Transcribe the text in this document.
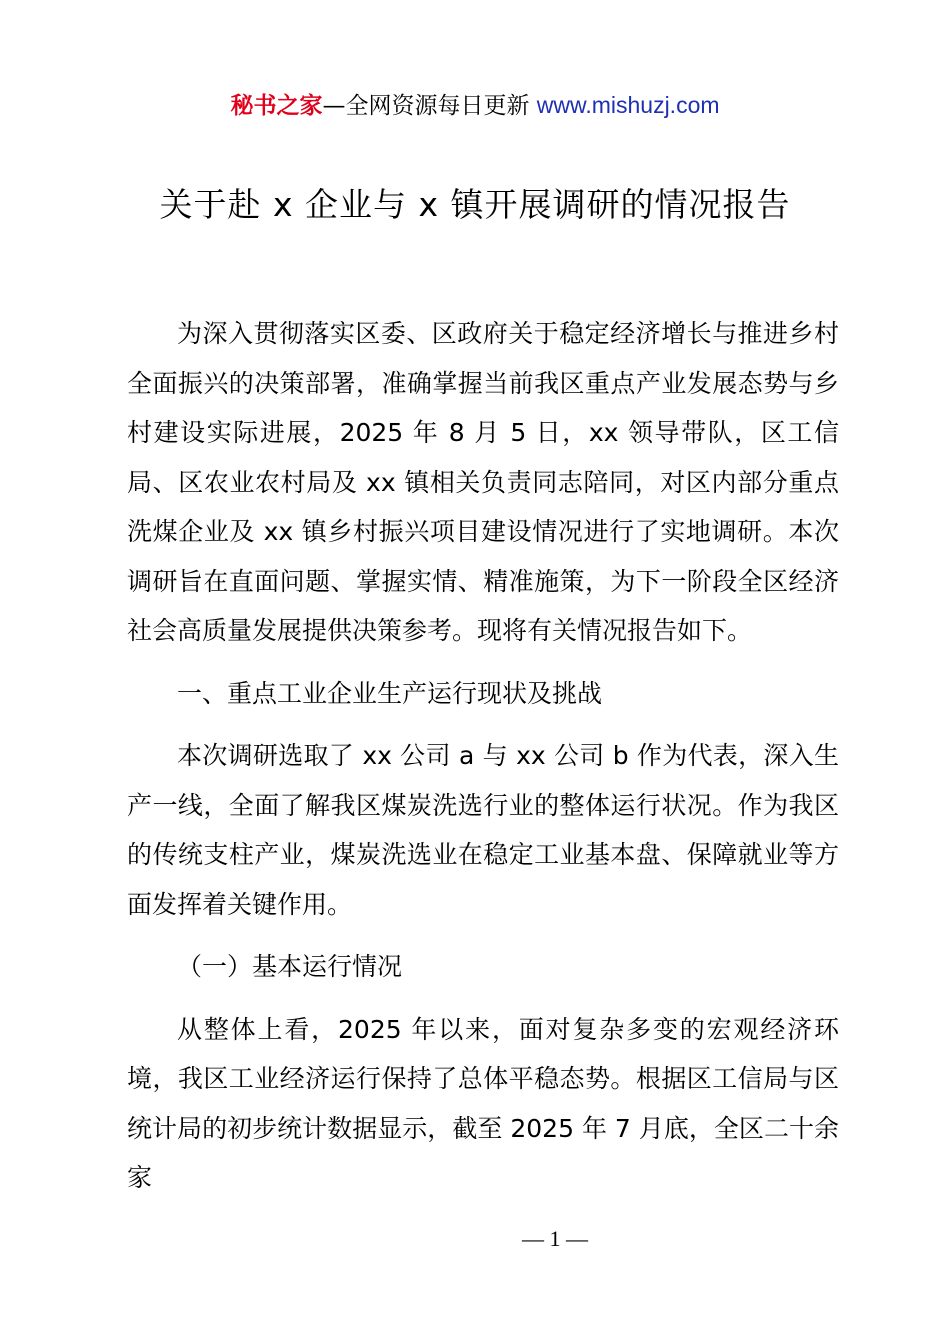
秘书之家—全网资源每日更新 www.mishuzj.com
关于赴 x 企业与 x 镇开展调研的情况报告

为深入贯彻落实区委、区政府关于稳定经济增长与推进乡村全面振兴的决策部署，准确掌握当前我区重点产业发展态势与乡村建设实际进展，2025 年 8 月 5 日，xx 领导带队，区工信局、区农业农村局及 xx 镇相关负责同志陪同，对区内部分重点洗煤企业及 xx 镇乡村振兴项目建设情况进行了实地调研。本次调研旨在直面问题、掌握实情、精准施策，为下一阶段全区经济社会高质量发展提供决策参考。现将有关情况报告如下。

一、重点工业企业生产运行现状及挑战

本次调研选取了 xx 公司 a 与 xx 公司 b 作为代表，深入生产一线，全面了解我区煤炭洗选行业的整体运行状况。作为我区的传统支柱产业，煤炭洗选业在稳定工业基本盘、保障就业等方面发挥着关键作用。

（一）基本运行情况

从整体上看，2025 年以来，面对复杂多变的宏观经济环境，我区工业经济运行保持了总体平稳态势。根据区工信局与区统计局的初步统计数据显示，截至 2025 年 7 月底，全区二十余家

— 1 —
